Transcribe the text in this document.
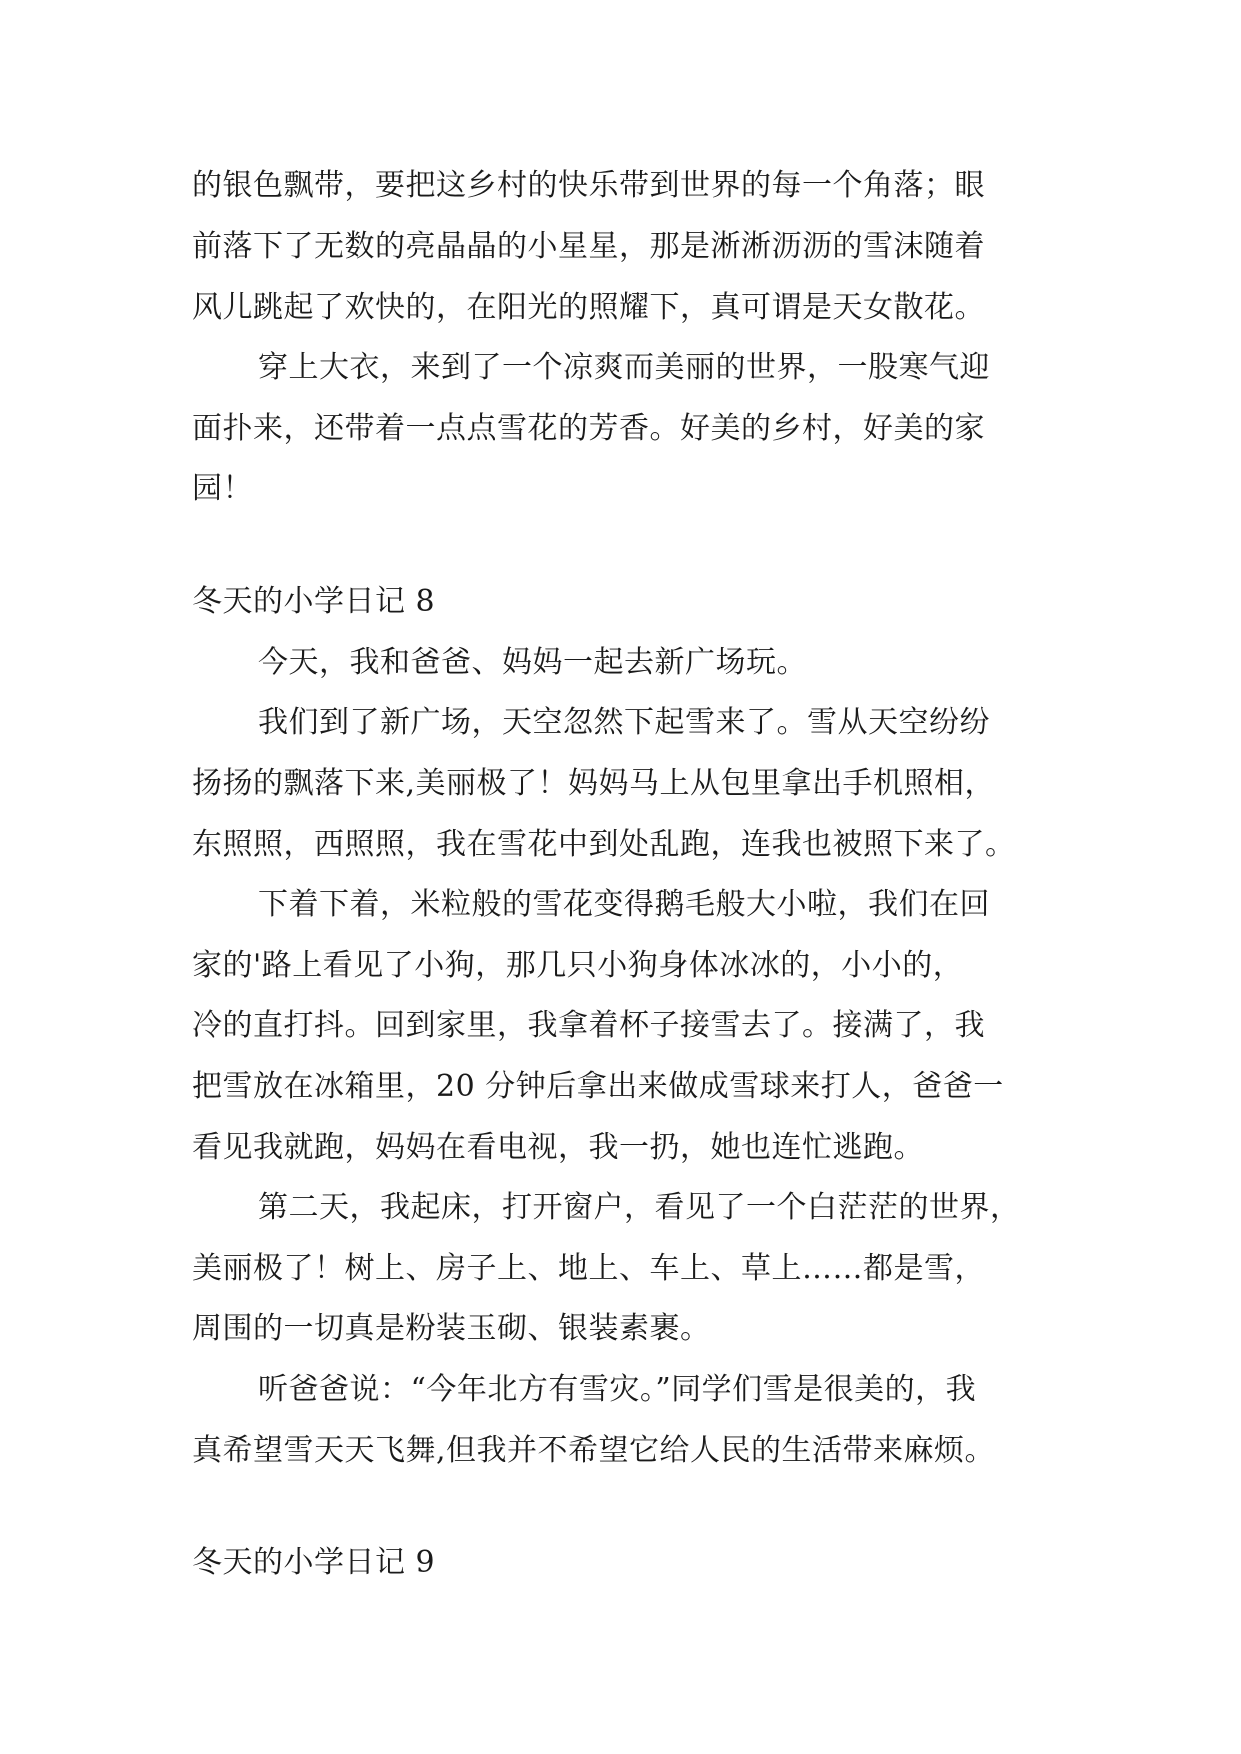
的银色飘带，要把这乡村的快乐带到世界的每一个角落；眼
前落下了无数的亮晶晶的小星星，那是淅淅沥沥的雪沫随着
风儿跳起了欢快的，在阳光的照耀下，真可谓是天女散花。
穿上大衣，来到了一个凉爽而美丽的世界，一股寒气迎
面扑来，还带着一点点雪花的芳香。好美的乡村，好美的家
园！
冬天的小学日记 8
今天，我和爸爸、妈妈一起去新广场玩。
我们到了新广场，天空忽然下起雪来了。雪从天空纷纷
扬扬的飘落下来,美丽极了！妈妈马上从包里拿出手机照相，
东照照，西照照，我在雪花中到处乱跑，连我也被照下来了。
下着下着，米粒般的雪花变得鹅毛般大小啦，我们在回
家的'路上看见了小狗，那几只小狗身体冰冰的，小小的，
冷的直打抖。回到家里，我拿着杯子接雪去了。接满了，我
把雪放在冰箱里，20 分钟后拿出来做成雪球来打人，爸爸一
看见我就跑，妈妈在看电视，我一扔，她也连忙逃跑。
第二天，我起床，打开窗户，看见了一个白茫茫的世界，
美丽极了！树上、房子上、地上、车上、草上……都是雪，
周围的一切真是粉装玉砌、银装素裹。
听爸爸说：“今年北方有雪灾。”同学们雪是很美的，我
真希望雪天天飞舞,但我并不希望它给人民的生活带来麻烦。
冬天的小学日记 9
